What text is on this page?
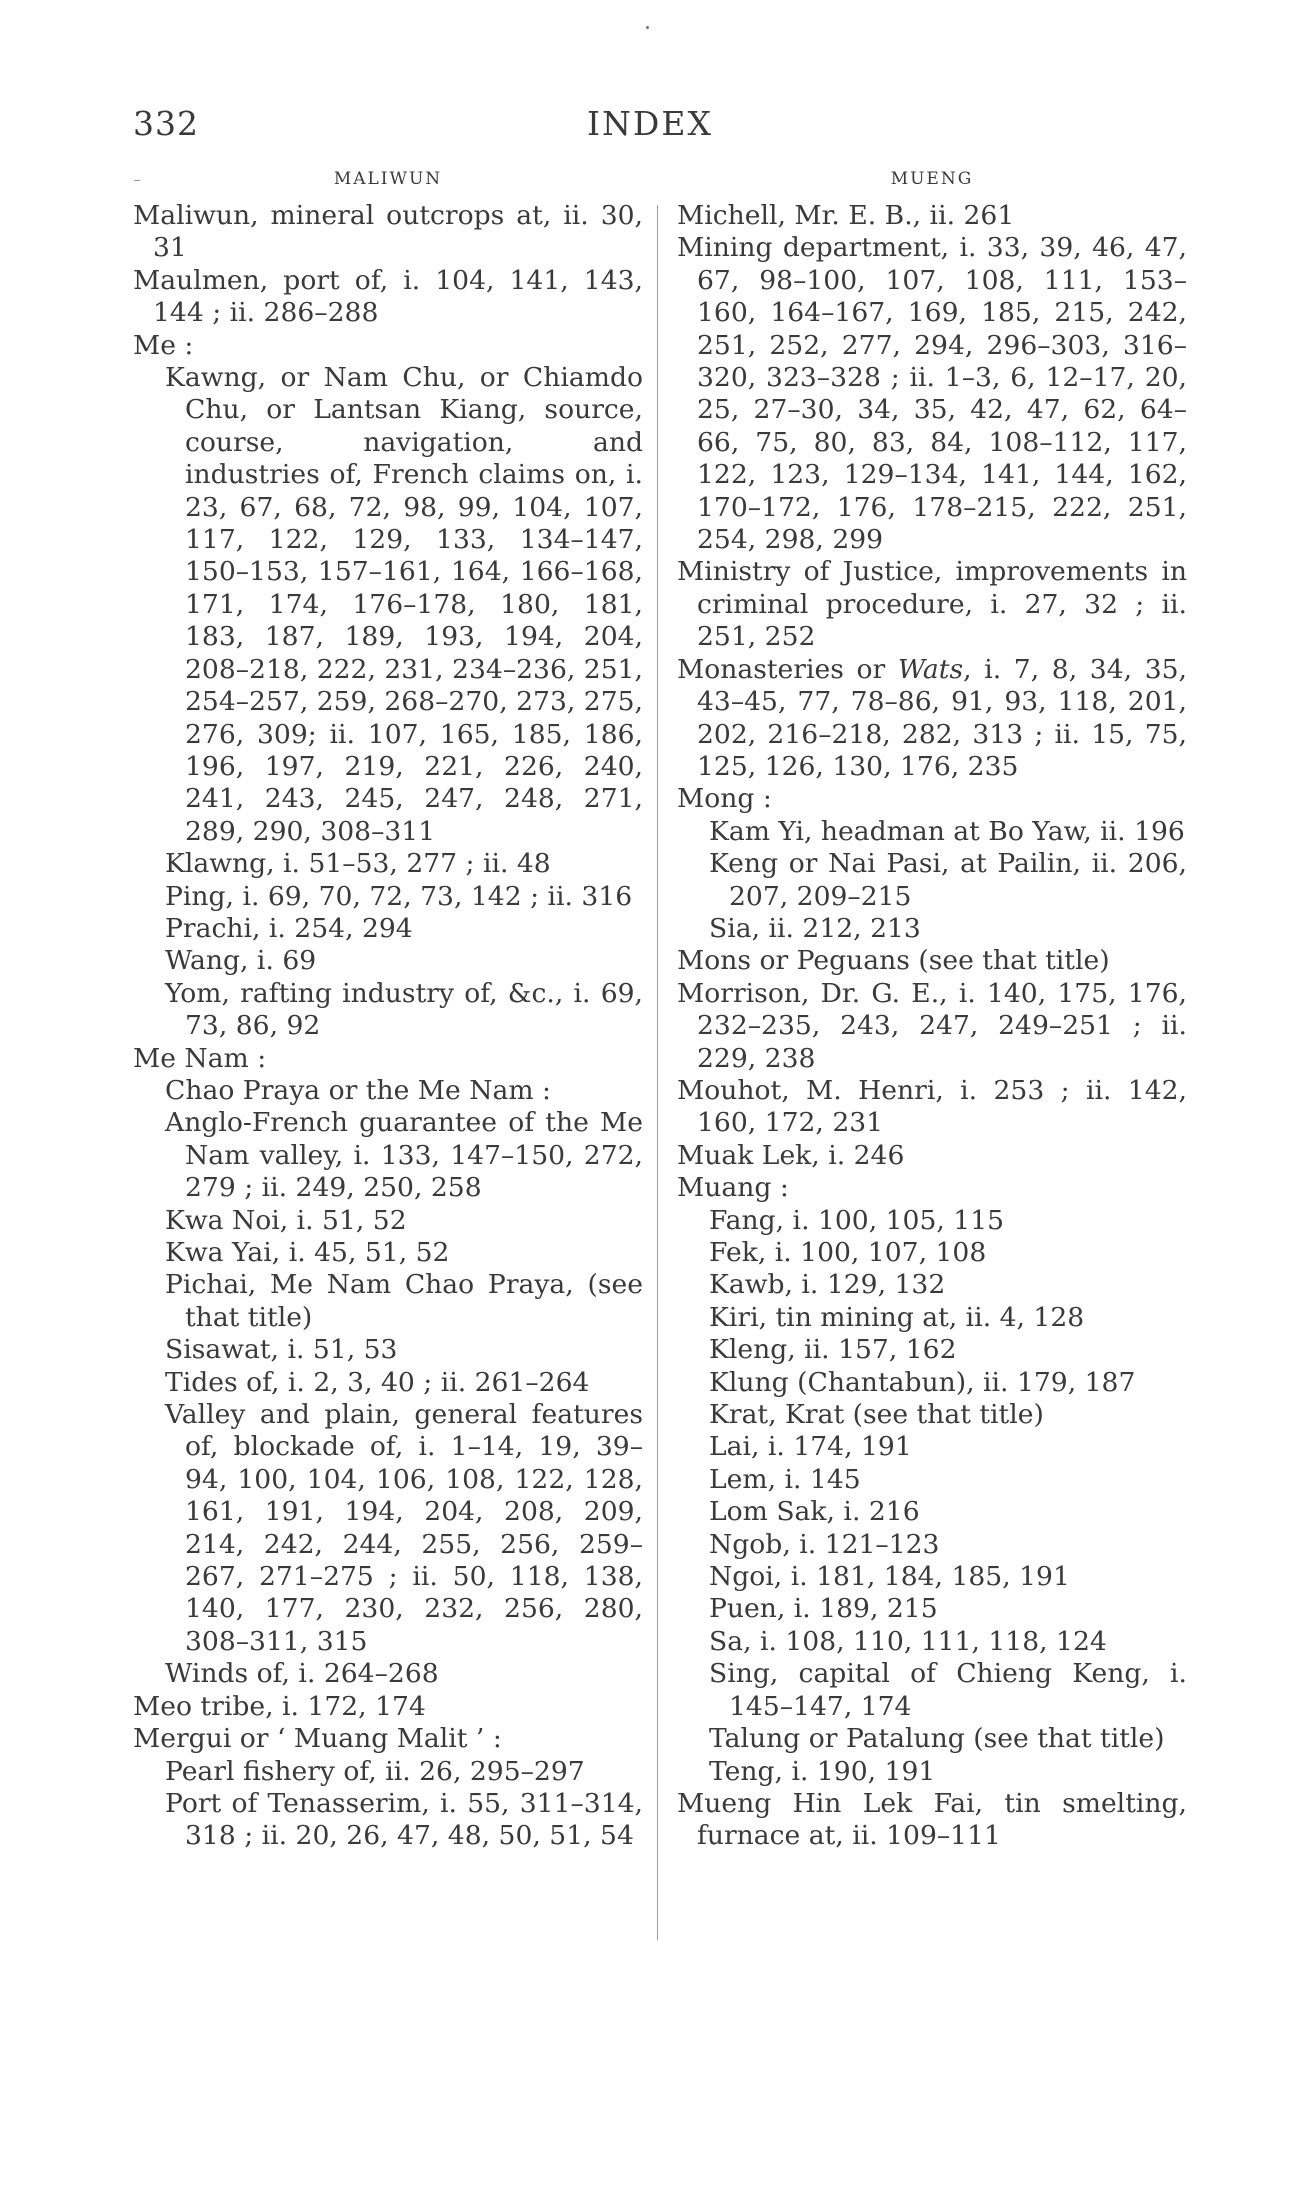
332	INDEX
MALIWUN
Maliwun, mineral outcrops at, ii. 30, 31
Maulmen, port of, i. 104, 141, 143, 144 ; ii. 286–288
Me :
Kawng, or Nam Chu, or Chiamdo Chu, or Lantsan Kiang, source, course, navigation, and industries of, French claims on, i. 23, 67, 68, 72, 98, 99, 104, 107, 117, 122, 129, 133, 134–147, 150–153, 157–161, 164, 166–168, 171, 174, 176–178, 180, 181, 183, 187, 189, 193, 194, 204, 208–218, 222, 231, 234–236, 251, 254–257, 259, 268–270, 273, 275, 276, 309; ii. 107, 165, 185, 186, 196, 197, 219, 221, 226, 240, 241, 243, 245, 247, 248, 271, 289, 290, 308–311
Klawng, i. 51–53, 277 ; ii. 48
Ping, i. 69, 70, 72, 73, 142 ; ii. 316
Prachi, i. 254, 294
Wang, i. 69
Yom, rafting industry of, &c., i. 69, 73, 86, 92
Me Nam :
Chao Praya or the Me Nam :
Anglo-French guarantee of the Me Nam valley, i. 133, 147–150, 272, 279 ; ii. 249, 250, 258
Kwa Noi, i. 51, 52
Kwa Yai, i. 45, 51, 52
Pichai, Me Nam Chao Praya, (see that title)
Sisawat, i. 51, 53
Tides of, i. 2, 3, 40 ; ii. 261–264
Valley and plain, general features of, blockade of, i. 1–14, 19, 39–94, 100, 104, 106, 108, 122, 128, 161, 191, 194, 204, 208, 209, 214, 242, 244, 255, 256, 259–267, 271–275 ; ii. 50, 118, 138, 140, 177, 230, 232, 256, 280, 308–311, 315
Winds of, i. 264–268
Meo tribe, i. 172, 174
Mergui or ‘ Muang Malit ’ :
Pearl fishery of, ii. 26, 295–297
Port of Tenasserim, i. 55, 311–314, 318 ; ii. 20, 26, 47, 48, 50, 51, 54
MUENG
Michell, Mr. E. B., ii. 261
Mining department, i. 33, 39, 46, 47, 67, 98–100, 107, 108, 111, 153–160, 164–167, 169, 185, 215, 242, 251, 252, 277, 294, 296–303, 316–320, 323–328 ; ii. 1–3, 6, 12–17, 20, 25, 27–30, 34, 35, 42, 47, 62, 64–66, 75, 80, 83, 84, 108–112, 117, 122, 123, 129–134, 141, 144, 162, 170–172, 176, 178–215, 222, 251, 254, 298, 299
Ministry of Justice, improvements in criminal procedure, i. 27, 32 ; ii. 251, 252
Monasteries or Wats, i. 7, 8, 34, 35, 43–45, 77, 78–86, 91, 93, 118, 201, 202, 216–218, 282, 313 ; ii. 15, 75, 125, 126, 130, 176, 235
Mong :
Kam Yi, headman at Bo Yaw, ii. 196
Keng or Nai Pasi, at Pailin, ii. 206, 207, 209–215
Sia, ii. 212, 213
Mons or Peguans (see that title)
Morrison, Dr. G. E., i. 140, 175, 176, 232–235, 243, 247, 249–251 ; ii. 229, 238
Mouhot, M. Henri, i. 253 ; ii. 142, 160, 172, 231
Muak Lek, i. 246
Muang :
Fang, i. 100, 105, 115
Fek, i. 100, 107, 108
Kawb, i. 129, 132
Kiri, tin mining at, ii. 4, 128
Kleng, ii. 157, 162
Klung (Chantabun), ii. 179, 187
Krat, Krat (see that title)
Lai, i. 174, 191
Lem, i. 145
Lom Sak, i. 216
Ngob, i. 121–123
Ngoi, i. 181, 184, 185, 191
Puen, i. 189, 215
Sa, i. 108, 110, 111, 118, 124
Sing, capital of Chieng Keng, i. 145–147, 174
Talung or Patalung (see that title)
Teng, i. 190, 191
Mueng Hin Lek Fai, tin smelting, furnace at, ii. 109–111
